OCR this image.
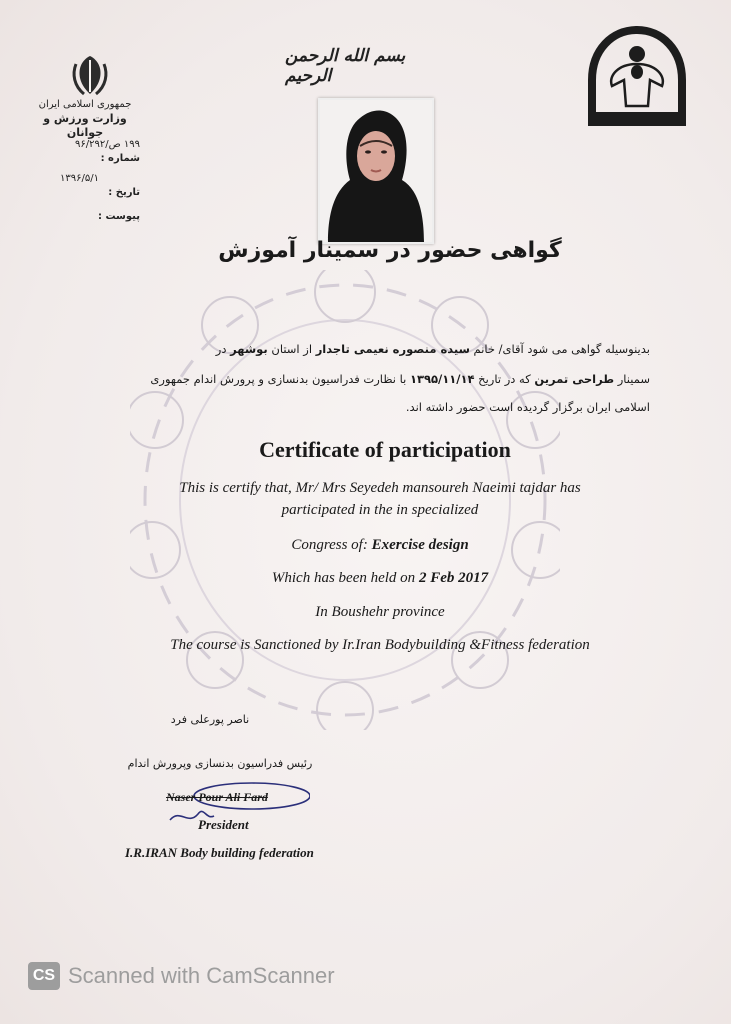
جمهوری اسلامی ایران
وزارت ورزش و جوانان
۱۹۹ ص/۹۶/۲۹۲
شماره :
۱۳۹۶/۵/۱
تاریخ :
پیوست :
بسم الله الرحمن الرحیم
گواهی حضور در سمینار آموزش
بدینوسیله گواهی می شود آقای/ خانم سیده منصوره نعیمی تاجدار از استان بوشهر در
سمینار طراحی تمرین که در تاریخ ۱۳۹۵/۱۱/۱۴ با نظارت فدراسیون بدنسازی و پرورش اندام جمهوری
اسلامی ایران برگزار گردیده است حضور داشته اند.
Certificate of participation
This is certify that, Mr/ Mrs Seyedeh mansoureh Naeimi tajdar has
participated in the in specialized
Congress of: Exercise design
Which has been held on 2 Feb 2017
In Boushehr province
The course is Sanctioned by Ir.Iran Bodybuilding &Fitness federation
ناصر پورعلی فرد
رئیس فدراسیون بدنسازی وپرورش اندام
Naser Pour Ali Fard
President
I.R.IRAN Body building federation
CS Scanned with CamScanner
